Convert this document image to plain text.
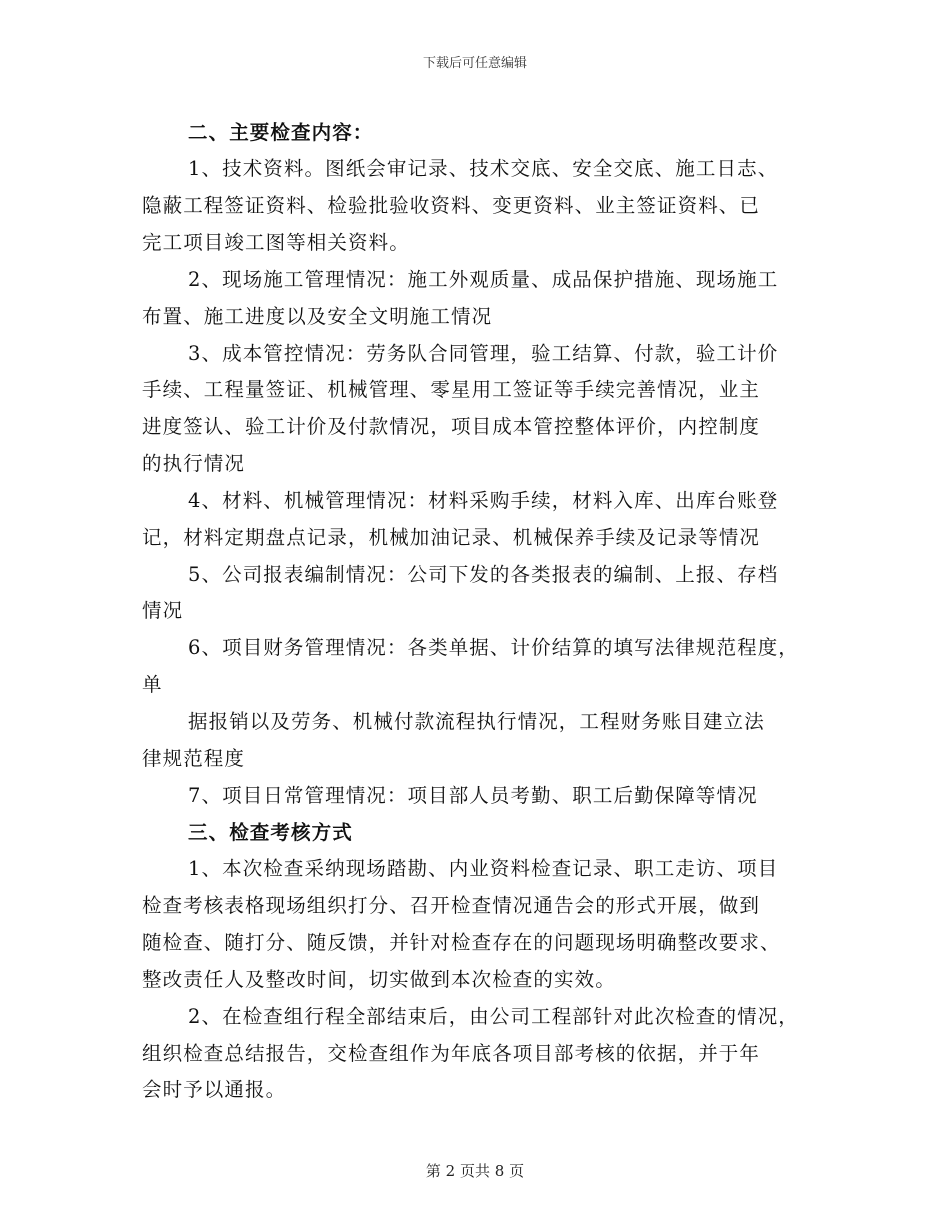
下载后可任意编辑
二、主要检查内容：
1、技术资料。图纸会审记录、技术交底、安全交底、施工日志、
隐蔽工程签证资料、检验批验收资料、变更资料、业主签证资料、已
完工项目竣工图等相关资料。
2、现场施工管理情况：施工外观质量、成品保护措施、现场施工
布置、施工进度以及安全文明施工情况
3、成本管控情况：劳务队合同管理，验工结算、付款，验工计价
手续、工程量签证、机械管理、零星用工签证等手续完善情况，业主
进度签认、验工计价及付款情况，项目成本管控整体评价，内控制度
的执行情况
4、材料、机械管理情况：材料采购手续，材料入库、出库台账登
记，材料定期盘点记录，机械加油记录、机械保养手续及记录等情况
5、公司报表编制情况：公司下发的各类报表的编制、上报、存档
情况
6、项目财务管理情况：各类单据、计价结算的填写法律规范程度，
单
据报销以及劳务、机械付款流程执行情况，工程财务账目建立法
律规范程度
7、项目日常管理情况：项目部人员考勤、职工后勤保障等情况
三、检查考核方式
1、本次检查采纳现场踏勘、内业资料检查记录、职工走访、项目
检查考核表格现场组织打分、召开检查情况通告会的形式开展，做到
随检查、随打分、随反馈，并针对检查存在的问题现场明确整改要求、
整改责任人及整改时间，切实做到本次检查的实效。
2、在检查组行程全部结束后，由公司工程部针对此次检查的情况，
组织检查总结报告，交检查组作为年底各项目部考核的依据，并于年
会时予以通报。
第 2 页共 8 页
